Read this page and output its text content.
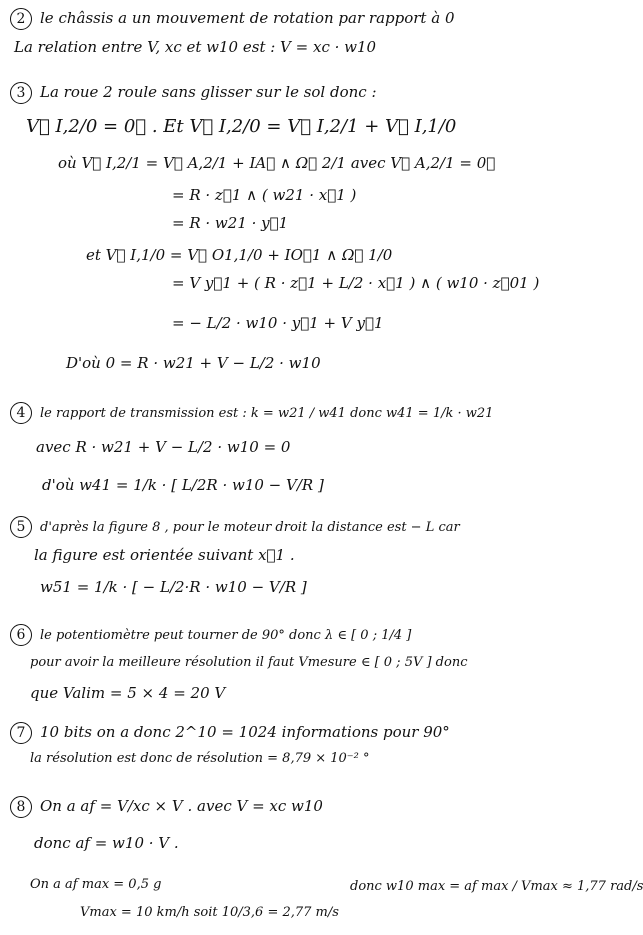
2 le châssis a un mouvement de rotation par rapport à 0
La relation entre V, xc et w10 est : V = xc · w10
3 La roue 2 roule sans glisser sur le sol donc :
V⃗ I,2/0 = 0⃗ . Et V⃗ I,2/0 = V⃗ I,2/1 + V⃗ I,1/0
où V⃗ I,2/1 = V⃗ A,2/1 + IA⃗ ∧ Ω⃗ 2/1 avec V⃗ A,2/1 = 0⃗
= R · z⃗1 ∧ ( w21 · x⃗1 )
= R · w21 · y⃗1
et V⃗ I,1/0 = V⃗ O1,1/0 + IO⃗1 ∧ Ω⃗ 1/0
= V y⃗1 + ( R · z⃗1 + L/2 · x⃗1 ) ∧ ( w10 · z⃗01 )
= − L/2 · w10 · y⃗1 + V y⃗1
D'où 0 = R · w21 + V − L/2 · w10
4 le rapport de transmission est : k = w21 / w41 donc w41 = 1/k · w21
avec R · w21 + V − L/2 · w10 = 0
d'où w41 = 1/k · [ L/2R · w10 − V/R ]
5 d'après la figure 8 , pour le moteur droit la distance est − L car
la figure est orientée suivant x⃗1 .
w51 = 1/k · [ − L/2·R · w10 − V/R ]
6 le potentiomètre peut tourner de 90° donc λ ∈ [ 0 ; 1/4 ]
pour avoir la meilleure résolution il faut Vmesure ∈ [ 0 ; 5V ] donc
que Valim = 5 × 4 = 20 V
7 10 bits on a donc 2^10 = 1024 informations pour 90°
la résolution est donc de résolution = 8,79 × 10⁻² °
8 On a af = V/xc × V . avec V = xc w10
donc af = w10 · V .
On a af max = 0,5 g
Vmax = 10 km/h soit 10/3,6 = 2,77 m/s
donc w10 max = af max / Vmax ≈ 1,77 rad/s
